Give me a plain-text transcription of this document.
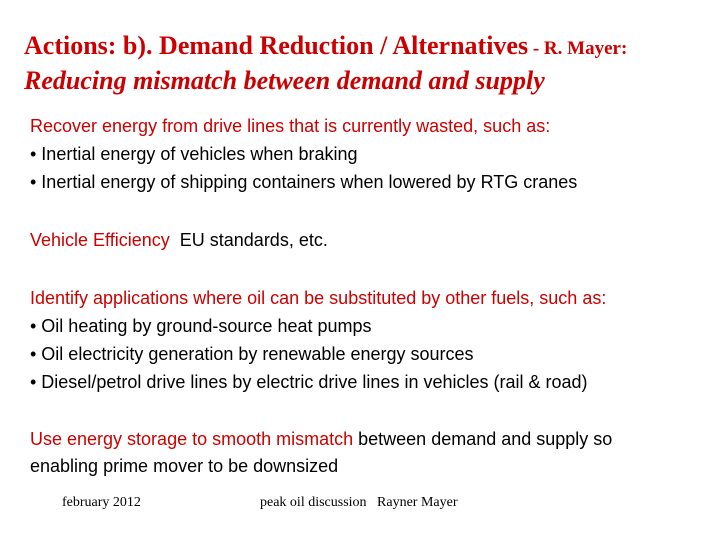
Actions: b). Demand Reduction / Alternatives - R. Mayer:
Reducing mismatch between demand and supply
Recover energy from drive lines that is currently wasted, such as:
• Inertial energy of vehicles when braking
• Inertial energy of shipping containers when lowered by RTG cranes
Vehicle Efficiency EU standards, etc.
Identify applications where oil can be substituted by other fuels, such as:
• Oil heating by ground-source heat pumps
• Oil electricity generation by renewable energy sources
• Diesel/petrol drive lines by electric drive lines in vehicles (rail & road)
Use energy storage to smooth mismatch between demand and supply so
enabling prime mover to be downsized
february 2012	peak oil discussion   Rayner Mayer
